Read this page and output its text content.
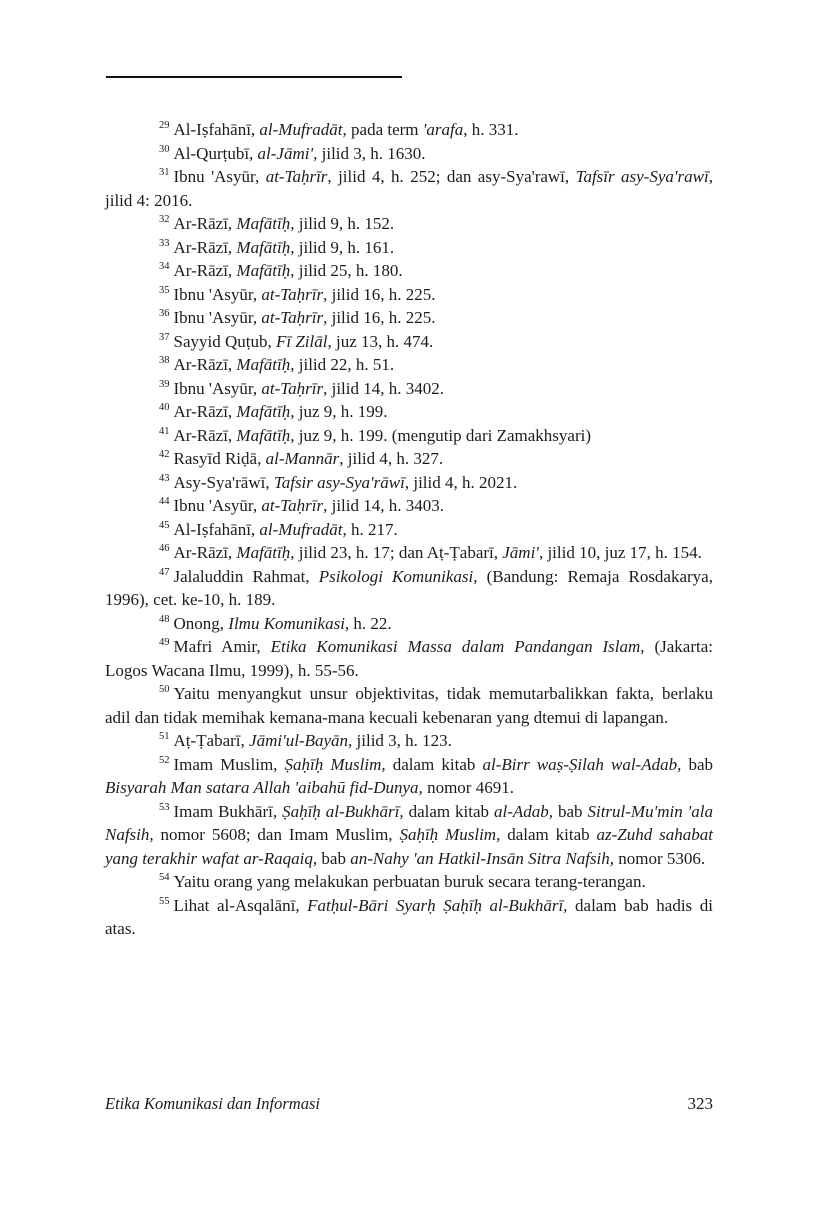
$^{29}$ Al-Iṣfahānī, al-Mufradāt, pada term 'arafa, h. 331.

$^{30}$ Al-Qurṭubī, al-Jāmi', jilid 3, h. 1630.

$^{31}$ Ibnu 'Asyūr, at-Taḥrīr, jilid 4, h. 252; dan asy-Sya'rawī, Tafsīr asy-Sya'rawī, jilid 4: 2016.

$^{32}$ Ar-Rāzī, Mafātīḥ, jilid 9, h. 152.

$^{33}$ Ar-Rāzī, Mafātīḥ, jilid 9, h. 161.

$^{34}$ Ar-Rāzī, Mafātīḥ, jilid 25, h. 180.

$^{35}$ Ibnu 'Asyūr, at-Taḥrīr, jilid 16, h. 225.

$^{36}$ Ibnu 'Asyūr, at-Taḥrīr, jilid 16, h. 225.

$^{37}$ Sayyid Quṭub, Fī Zilāl, juz 13, h. 474.

$^{38}$ Ar-Rāzī, Mafātīḥ, jilid 22, h. 51.

$^{39}$ Ibnu 'Asyūr, at-Taḥrīr, jilid 14, h. 3402.

$^{40}$ Ar-Rāzī, Mafātīḥ, juz 9, h. 199.

$^{41}$ Ar-Rāzī, Mafātīḥ, juz 9, h. 199. (mengutip dari Zamakhsyari)

$^{42}$ Rasyīd Riḍā, al-Mannār, jilid 4, h. 327.

$^{43}$ Asy-Sya'rāwī, Tafsir asy-Sya'rāwī, jilid 4, h. 2021.

$^{44}$ Ibnu 'Asyūr, at-Taḥrīr, jilid 14, h. 3403.

$^{45}$ Al-Iṣfahānī, al-Mufradāt, h. 217.

$^{46}$ Ar-Rāzī, Mafātīḥ, jilid 23, h. 17; dan Aṭ-Ṭabarī, Jāmi', jilid 10, juz 17, h. 154.

$^{47}$ Jalaluddin Rahmat, Psikologi Komunikasi, (Bandung: Remaja Rosdakarya, 1996), cet. ke-10, h. 189.

$^{48}$ Onong, Ilmu Komunikasi, h. 22.

$^{49}$ Mafri Amir, Etika Komunikasi Massa dalam Pandangan Islam, (Jakarta: Logos Wacana Ilmu, 1999), h. 55-56.

$^{50}$ Yaitu menyangkut unsur objektivitas, tidak memutarbalikkan fakta, berlaku adil dan tidak memihak kemana-mana kecuali kebenaran yang dtemui di lapangan.

$^{51}$ Aṭ-Ṭabarī, Jāmi'ul-Bayān, jilid 3, h. 123.

$^{52}$ Imam Muslim, Ṣaḥīḥ Muslim, dalam kitab al-Birr waṣ-Ṣilah wal-Adab, bab Bisyarah Man satara Allah 'aibahū fid-Dunya, nomor 4691.

$^{53}$ Imam Bukhārī, Ṣaḥīḥ al-Bukhārī, dalam kitab al-Adab, bab Sitrul-Mu'min 'ala Nafsih, nomor 5608; dan Imam Muslim, Ṣaḥīḥ Muslim, dalam kitab az-Zuhd sahabat yang terakhir wafat ar-Raqaiq, bab an-Nahy 'an Hatkil-Insān Sitra Nafsih, nomor 5306.

$^{54}$ Yaitu orang yang melakukan perbuatan buruk secara terang-terangan.

$^{55}$ Lihat al-Asqalānī, Fatḥul-Bāri Syarḥ Ṣaḥīḥ al-Bukhārī, dalam bab hadis di atas.

Etika Komunikasi dan Informasi	323
